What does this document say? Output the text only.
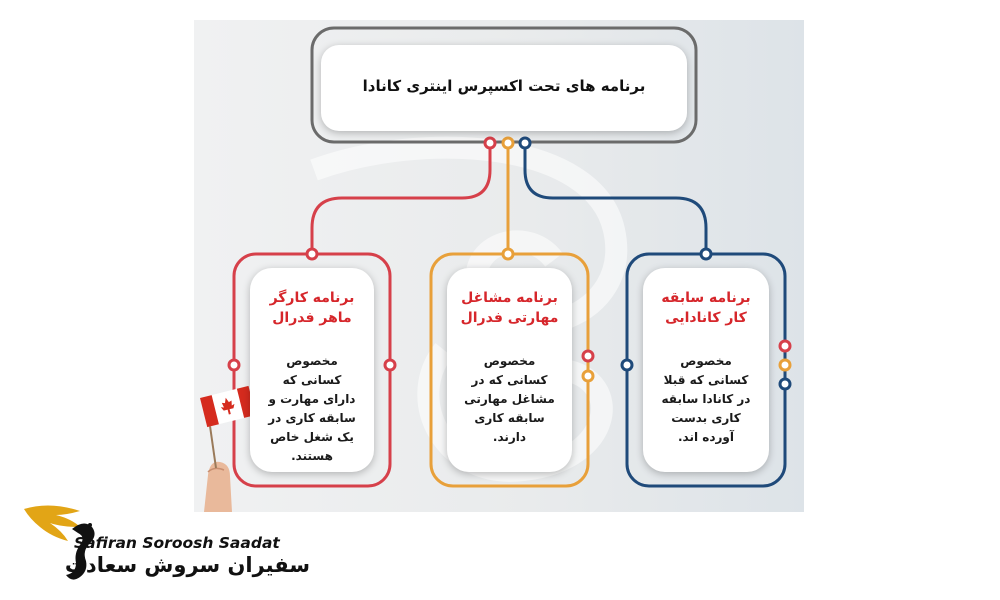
برنامه های تحت اکسپرس اینتری کانادا
برنامه کارگر ماهر فدرال
مخصوص کسانی که دارای مهارت و سابقه کاری در یک شغل خاص هستند.
برنامه مشاغل مهارتی فدرال
مخصوص کسانی که در مشاغل مهارتی سابقه کاری دارند.
برنامه سابقه کار کانادایی
مخصوص کسانی که قبلا در کانادا سابقه کاری بدست آورده اند.
Safiran Soroosh Saadat
سفیران سروش سعادت
